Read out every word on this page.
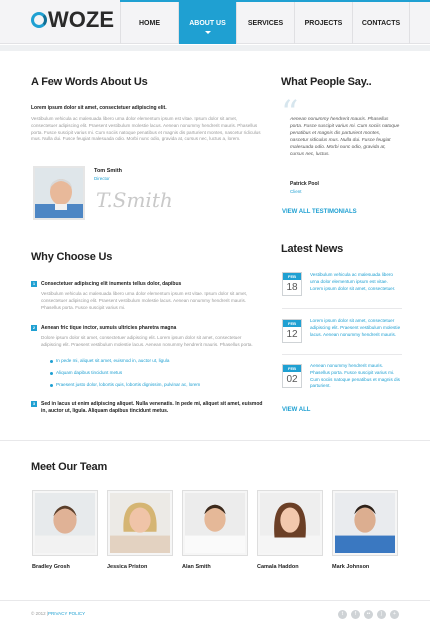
WOZE	HOME	ABOUT US	SERVICES	PROJECTS	CONTACTS
A Few Words About Us
Lorem ipsum dolor sit amet, consectetuer adipiscing elit.
Vestibulum vehicula ac malesuada libero urna dolor elementum ipsum est vitae. Ipsum dolor sit amet, consectetuer adipiscing elit. Praesent vestibulum molestie lacus. Aenean nonummy hendrerit mauris. Phasellus porta. Fusce suscipit varius mi. Cum sociis natoque penatibus et magnis dis parturient montes, nascetur ridiculus mus. Nulla dui. Fusce feugiat malesuada odio. Morbi nunc odio, gravida at, cursus nec, luctus a, lorem.
Tom Smith
Director
T.Smith
What People Say..
“
Aenean nonummy hendrerit mauris. Phasellus porta. Fusce suscipit varius mi. Cum sociis natoque penatibus et magnis dis parturient montes, nascetur ridiculus mus. Nulla dui. Fusce feugiat malesuada odio. Morbi nunc odio, gravida at, cursus nec, luctus.
Patrick Pool
Client
VIEW ALL TESTIMONIALS
Why Choose Us
1	Consectetuer adipiscing elit inuments tellus dolor, dapibus
Vestibulum vehicula ac malesuada libero urna dolor elementum ipsum est vitae. Ipsum dolor sit amet, consectetuer adipiscing elit. Praesent vestibulum molestie lacus. Aenean nonummy hendrerit mauris. Phasellus porta. Fusce suscipit varius mi.
2	Aenean fric tique inctor, sumuis ultricies pharetra magna
Dolore ipsum dolor sit amet, consectetuer adipiscing elit. Lorem ipsum dolor sit amet, consectetuer adipiscing elit. Praesent vestibulum molestie lacus. Aenean nonummy hendrerit mauris. Phasellus porta.
In pede mi, aliquet sit amet, euismod in, auctor ut, ligula
Aliquam dapibus tincidunt metus
Praesent justo dolor, lobortis quis, lobortis dignissim, pulvinar ac, lorem
3	Sed in lacus ut enim adipiscing aliquet. Nulla venenatis. In pede mi, aliquet sit amet, euismod in, auctor ut, ligula. Aliquam dapibus tincidunt metus.
Latest News
FEB
18
Vestibulum vehicula ac malesuada libero urna dolor elementum ipsum est vitae. Lorem ipsum dolor sit amet, consectetuer.
FEB
12
Lorem ipsum dolor sit amet, consectetuer adipiscing elit. Praesent vestibulum molestie lacus. Aenean nonummy hendrerit mauris.
FEB
02
Aenean nonummy hendrerit mauris. Phasellus porta. Fusce suscipit varius mi. Cum sociis natoque penatibus et magnis dis parturient.
VIEW ALL
Meet Our Team
Bradley Grosh	Jessica Priston	Alan Smith	Camala Haddon	Mark Johnson
© 2012 | PRIVACY POLICY	t	f	••	)	+
